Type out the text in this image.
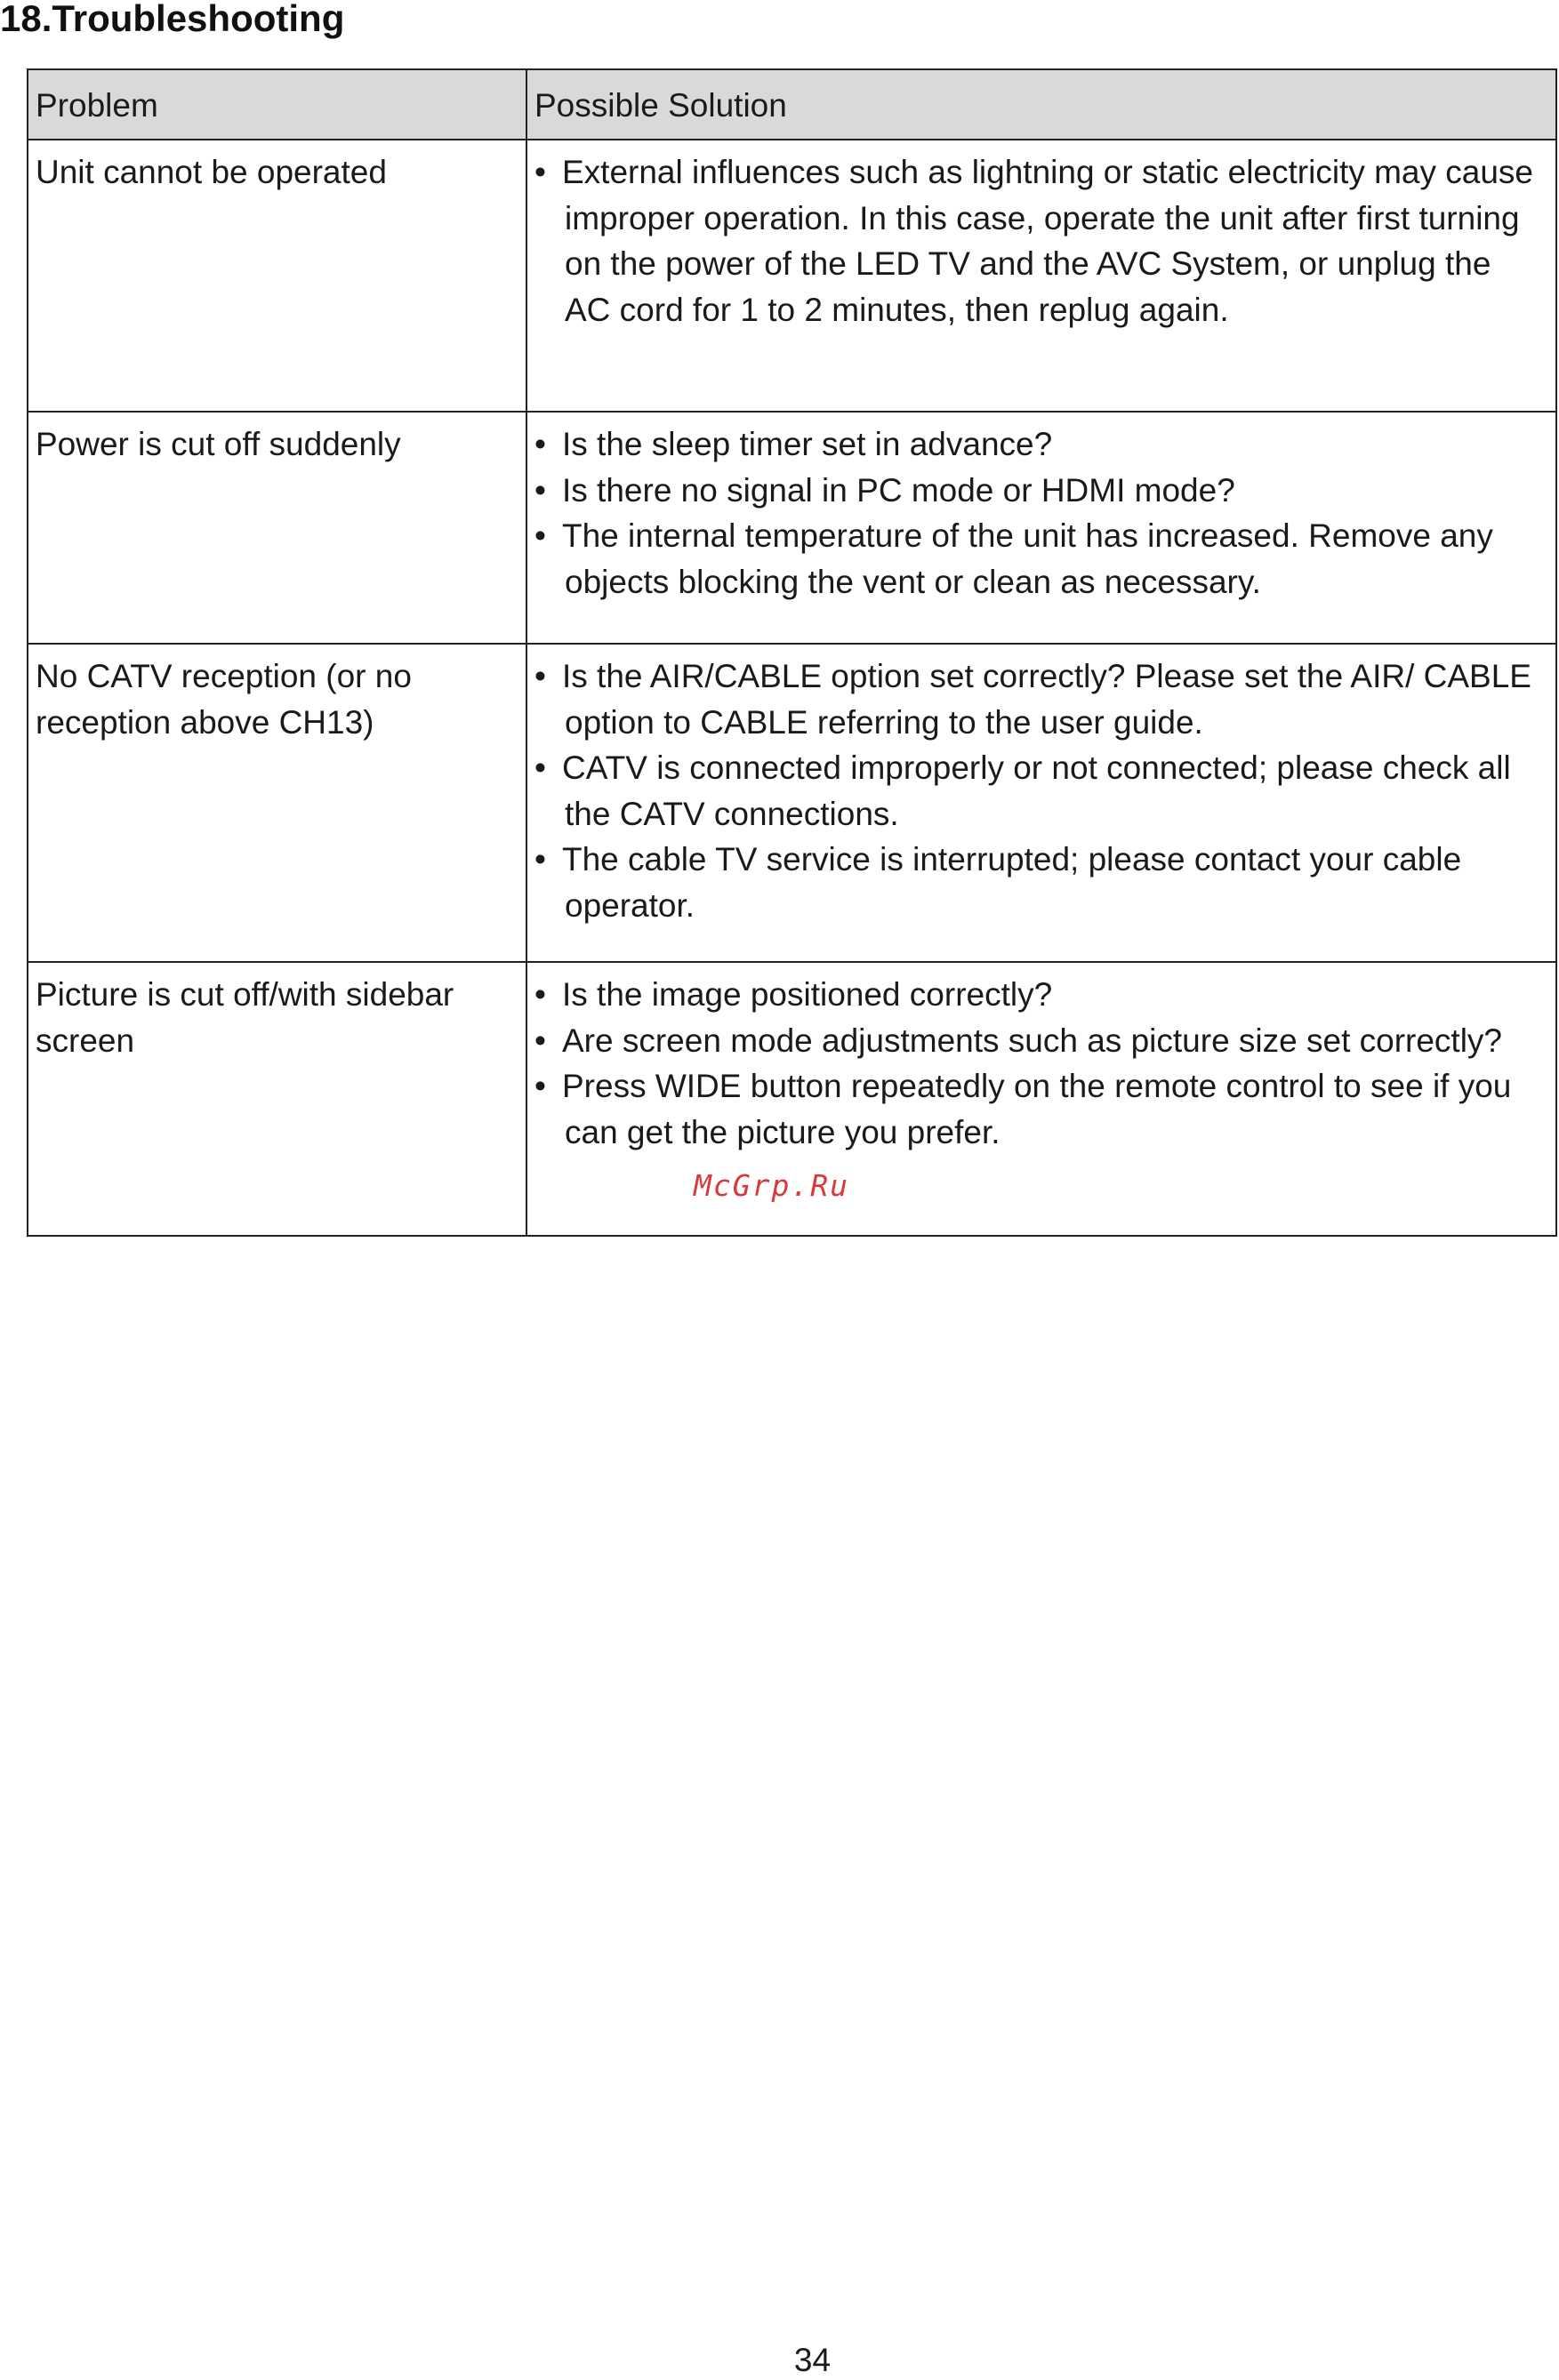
18.Troubleshooting
Problem	Possible Solution
Unit cannot be operated	• External influences such as lightning or static electricity may cause improper operation. In this case, operate the unit after first turning on the power of the LED TV and the AVC System, or unplug the AC cord for 1 to 2 minutes, then replug again.

Power is cut off suddenly	• Is the sleep timer set in advance?
• Is there no signal in PC mode or HDMI mode?
• The internal temperature of the unit has increased. Remove any objects blocking the vent or clean as necessary.

No CATV reception (or no reception above CH13)	• Is the AIR/CABLE option set correctly? Please set the AIR/ CABLE option to CABLE referring to the user guide.
• CATV is connected improperly or not connected; please check all the CATV connections.
• The cable TV service is interrupted; please contact your cable operator.

Picture is cut off/with sidebar screen	• Is the image positioned correctly?
• Are screen mode adjustments such as picture size set correctly?
• Press WIDE button repeatedly on the remote control to see if you can get the picture you prefer.
McGrp.Ru
34
